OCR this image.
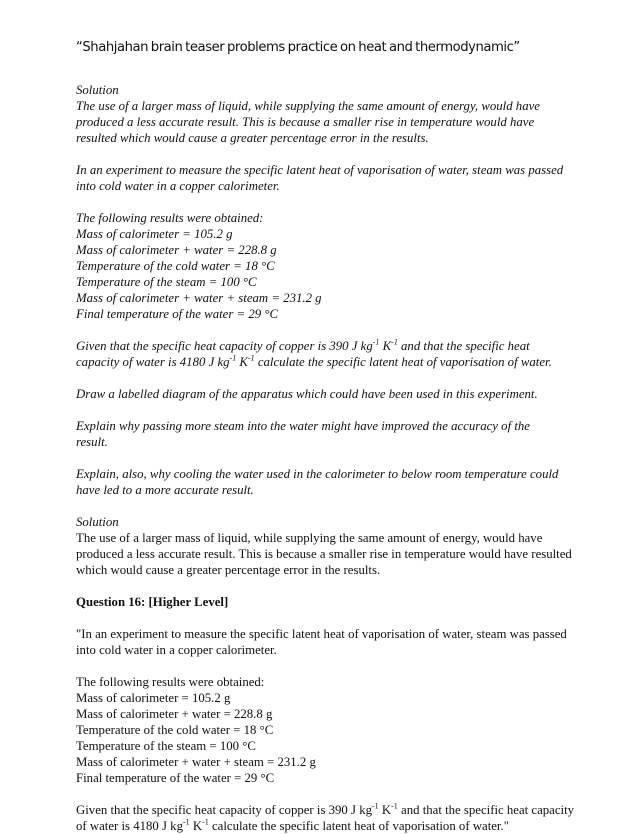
“Shahjahan brain teaser problems practice on heat and thermodynamic”

Solution

The use of a larger mass of liquid, while supplying the same amount of energy, would have
produced a less accurate result. This is because a smaller rise in temperature would have
resulted which would cause a greater percentage error in the results.

In an experiment to measure the specific latent heat of vaporisation of water, steam was passed
into cold water in a copper calorimeter.

The following results were obtained:

Mass of calorimeter = 105.2 g

Mass of calorimeter + water = 228.8 g

Temperature of the cold water = 18 °C

Temperature of the steam = 100 °C

Mass of calorimeter + water + steam = 231.2 g

Final temperature of the water = 29 °C

Given that the specific heat capacity of copper is 390 J $kg^{-1}$ $K^{-1}$ and that the specific heat
capacity of water is 4180 J $kg^{-1}$ $K^{-1}$ calculate the specific latent heat of vaporisation of water.

Draw a labelled diagram of the apparatus which could have been used in this experiment.

Explain why passing more steam into the water might have improved the accuracy of the result.

Explain, also, why cooling the water used in the calorimeter to below room temperature could
have led to a more accurate result.

Solution

The use of a larger mass of liquid, while supplying the same amount of energy, would have
produced a less accurate result. This is because a smaller rise in temperature would have resulted
which would cause a greater percentage error in the results.

Question 16: [Higher Level]

"In an experiment to measure the specific latent heat of vaporisation of water, steam was passed
into cold water in a copper calorimeter.

The following results were obtained:

Mass of calorimeter = 105.2 g

Mass of calorimeter + water = 228.8 g

Temperature of the cold water = 18 °C

Temperature of the steam = 100 °C

Mass of calorimeter + water + steam = 231.2 g

Final temperature of the water = 29 °C

Given that the specific heat capacity of copper is 390 J $kg^{-1}$ $K^{-1}$ and that the specific heat capacity
of water is 4180 J $kg^{-1}$ $K^{-1}$ calculate the specific latent heat of vaporisation of water."
